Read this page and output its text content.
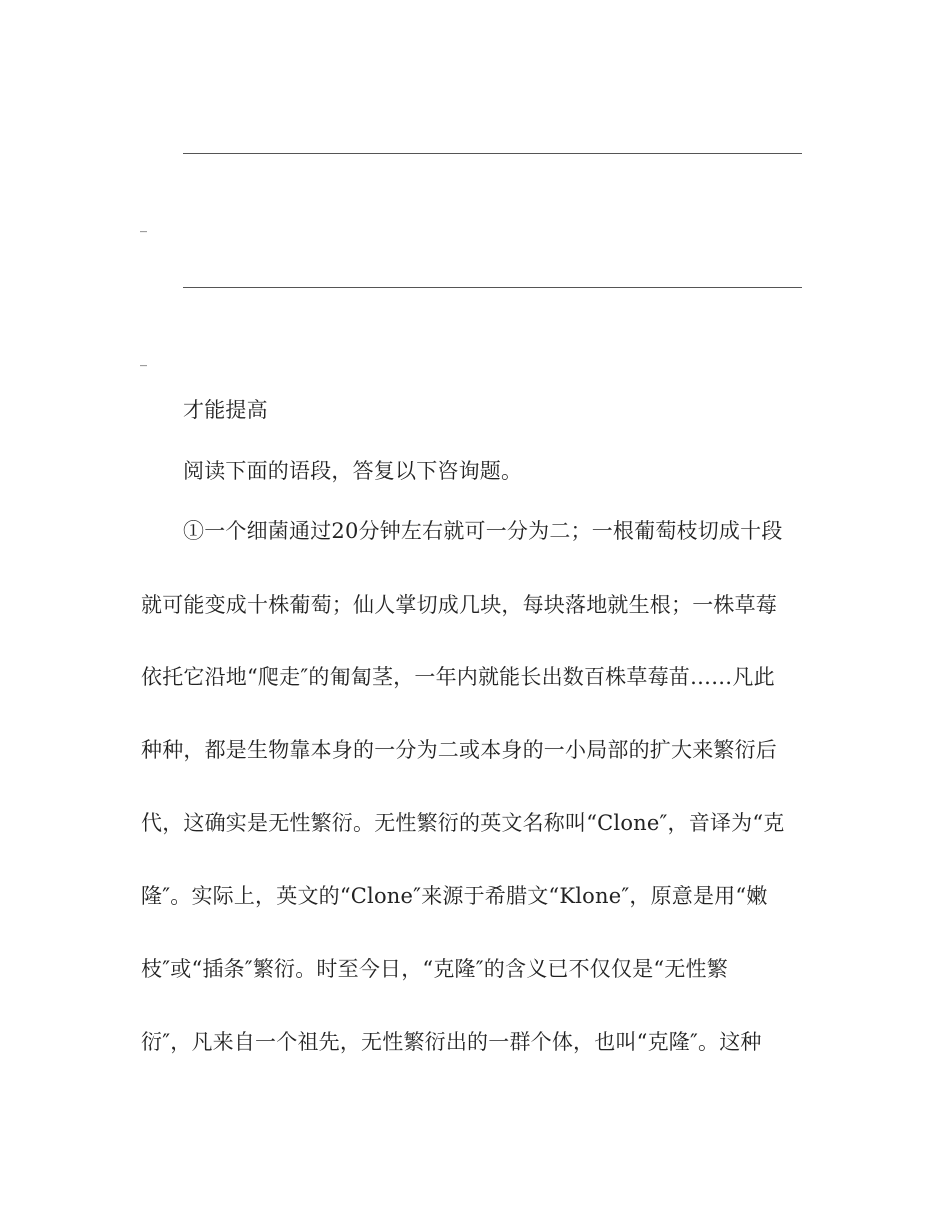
_
_
才能提高
阅读下面的语段，答复以下咨询题。
①一个细菌通过20分钟左右就可一分为二；一根葡萄枝切成十段
就可能变成十株葡萄；仙人掌切成几块，每块落地就生根；一株草莓
依托它沿地“爬走″的匍匐茎，一年内就能长出数百株草莓苗……凡此
种种，都是生物靠本身的一分为二或本身的一小局部的扩大来繁衍后
代，这确实是无性繁衍。无性繁衍的英文名称叫“Clone″，音译为“克
隆″。实际上，英文的“Clone″来源于希腊文“Klone″，原意是用“嫩
枝″或“插条″繁衍。时至今日，“克隆″的含义已不仅仅是“无性繁
衍″，凡来自一个祖先，无性繁衍出的一群个体，也叫“克隆″。这种
